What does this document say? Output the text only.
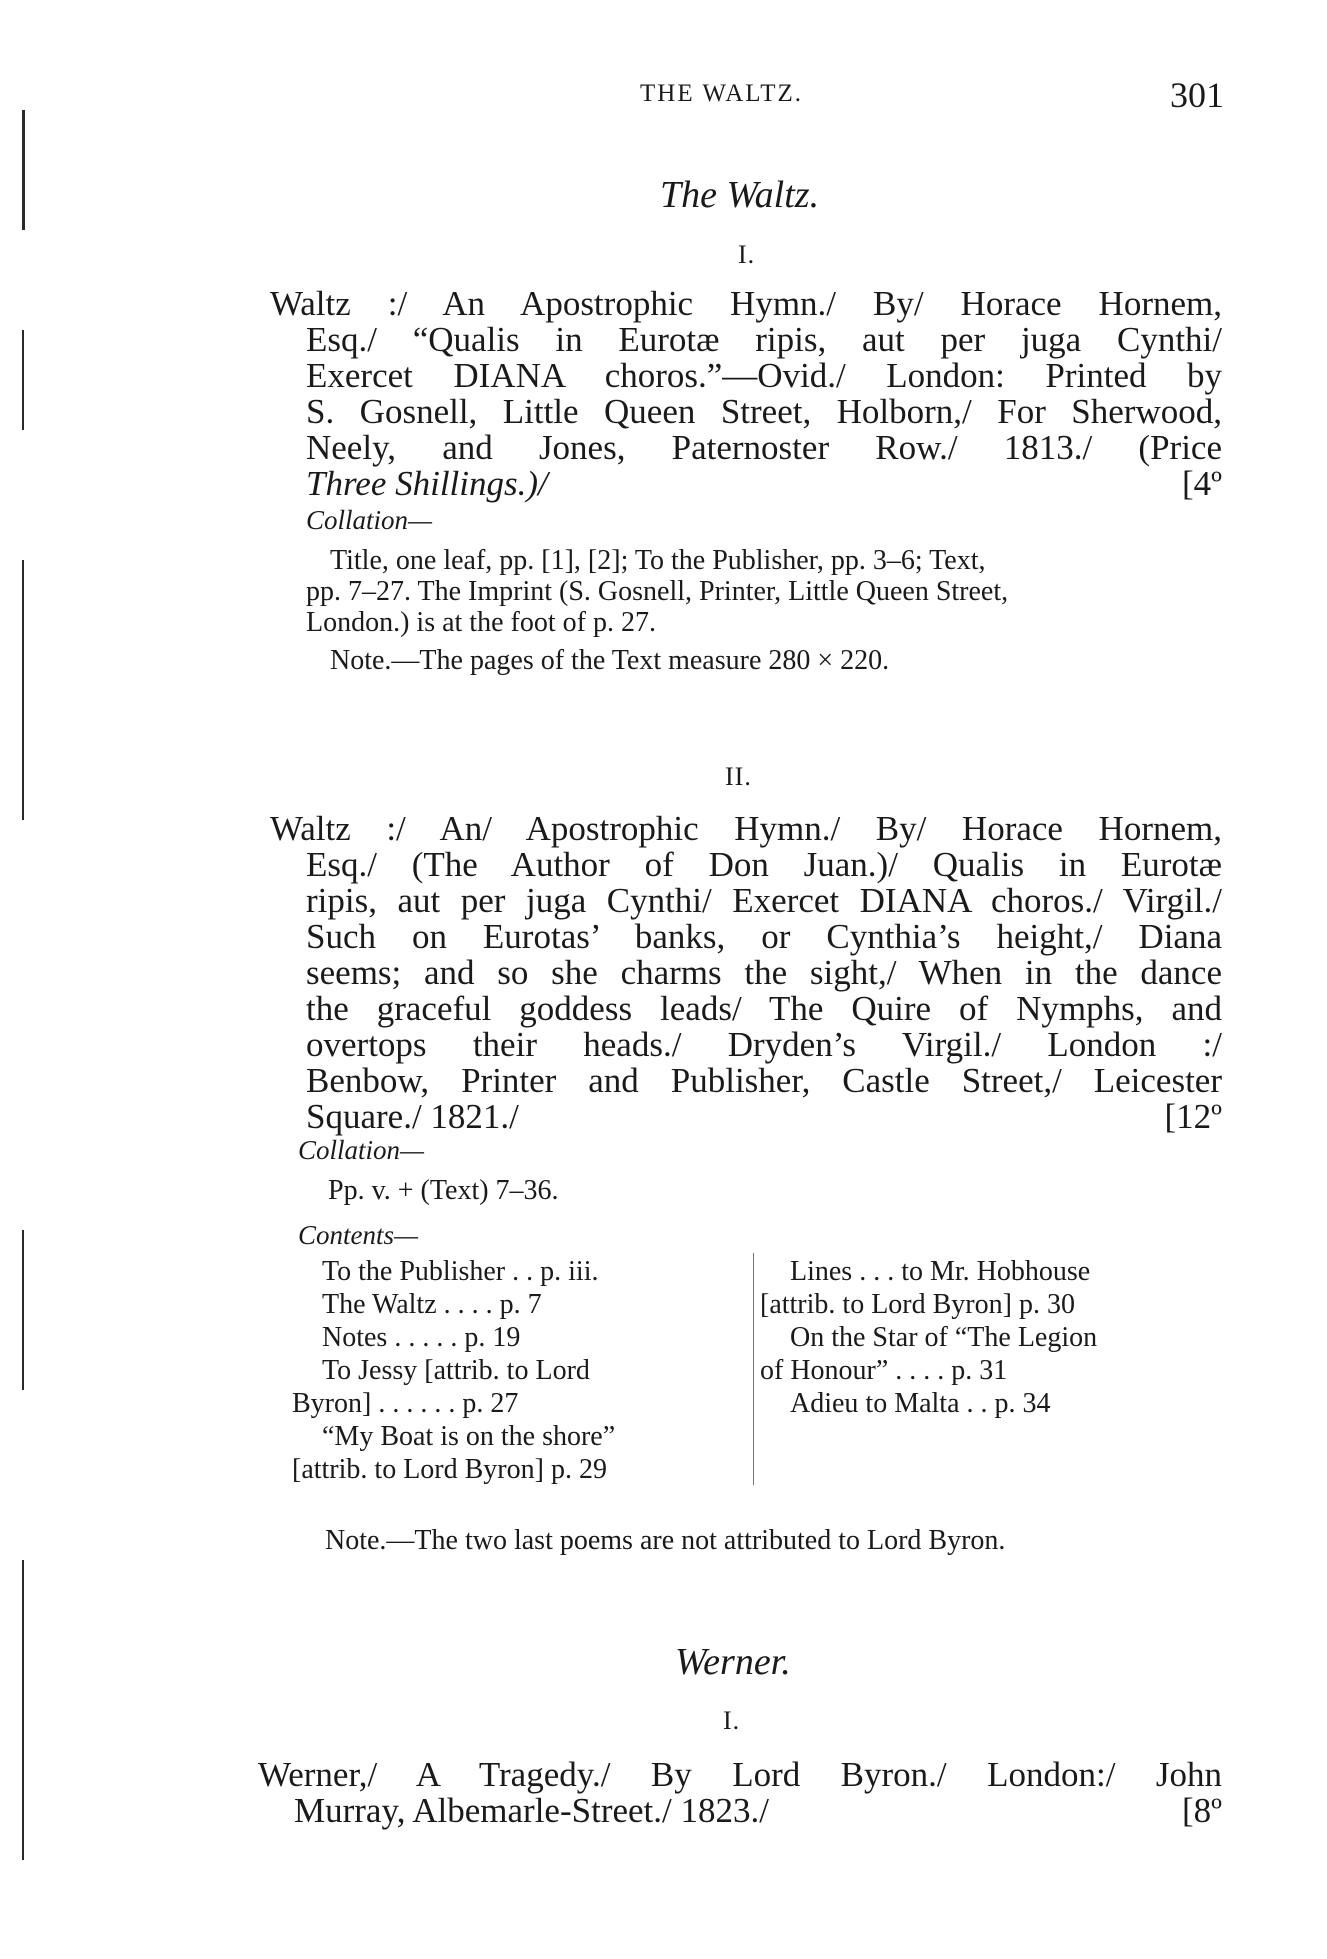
THE WALTZ.	301
The Waltz.
I.
Waltz :/ An Apostrophic Hymn./ By/ Horace Hornem,
Esq./ “Qualis in Eurotæ ripis, aut per juga Cynthi/
Exercet DIANA choros.”—Ovid./ London: Printed by
S. Gosnell, Little Queen Street, Holborn,/ For Sherwood,
Neely, and Jones, Paternoster Row./ 1813./ (Price
Three Shillings.)/	[4º
Collation—
Title, one leaf, pp. [1], [2]; To the Publisher, pp. 3–6; Text,
pp. 7–27. The Imprint (S. Gosnell, Printer, Little Queen Street,
London.) is at the foot of p. 27.
Note.—The pages of the Text measure 280 × 220.
II.
Waltz :/ An/ Apostrophic Hymn./ By/ Horace Hornem,
Esq./ (The Author of Don Juan.)/ Qualis in Eurotæ
ripis, aut per juga Cynthi/ Exercet DIANA choros./ Virgil./
Such on Eurotas’ banks, or Cynthia’s height,/ Diana
seems; and so she charms the sight,/ When in the dance
the graceful goddess leads/ The Quire of Nymphs, and
overtops their heads./ Dryden’s Virgil./ London :/
Benbow, Printer and Publisher, Castle Street,/ Leicester
Square./ 1821./	[12º
Collation—
Pp. v. + (Text) 7–36.
Contents—
To the Publisher . . p. iii.
The Waltz . . . . p. 7
Notes . . . . . p. 19
To Jessy [attrib. to Lord
Byron] . . . . . . p. 27
“My Boat is on the shore”
[attrib. to Lord Byron] p. 29
Lines . . . to Mr. Hobhouse
[attrib. to Lord Byron] p. 30
On the Star of “The Legion
of Honour” . . . . p. 31
Adieu to Malta . . p. 34
Note.—The two last poems are not attributed to Lord Byron.
Werner.
I.
Werner,/ A Tragedy./ By Lord Byron./ London:/ John
Murray, Albemarle-Street./ 1823./	[8º
